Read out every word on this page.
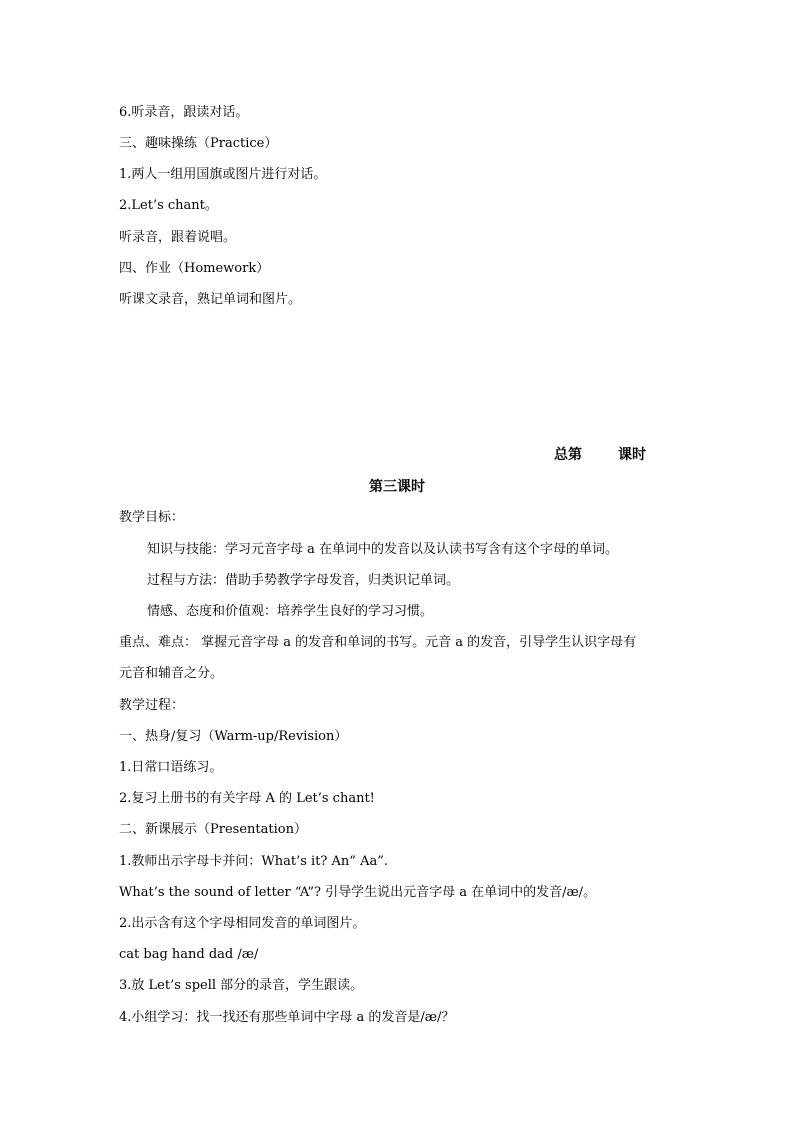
6.听录音，跟读对话。
三、趣味操练（Practice）
1.两人一组用国旗或图片进行对话。
2.Let’s chant。
听录音，跟着说唱。
四、作业（Homework）
听课文录音，熟记单词和图片。
总第	课时
第三课时
教学目标：
知识与技能：学习元音字母 a 在单词中的发音以及认读书写含有这个字母的单词。
过程与方法：借助手势教学字母发音，归类识记单词。
情感、态度和价值观：培养学生良好的学习习惯。
重点、难点： 掌握元音字母 a 的发音和单词的书写。元音 a 的发音，引导学生认识字母有
元音和辅音之分。
教学过程：
一、热身/复习（Warm-up/Revision）
1.日常口语练习。
2.复习上册书的有关字母 A 的 Let’s chant!
二、新课展示（Presentation）
1.教师出示字母卡并问：What’s it? An“ Aa”.
What’s the sound of letter “A”? 引导学生说出元音字母 a 在单词中的发音/æ/。
2.出示含有这个字母相同发音的单词图片。
cat bag hand dad /æ/
3.放 Let’s spell 部分的录音，学生跟读。
4.小组学习：找一找还有那些单词中字母 a 的发音是/æ/？
